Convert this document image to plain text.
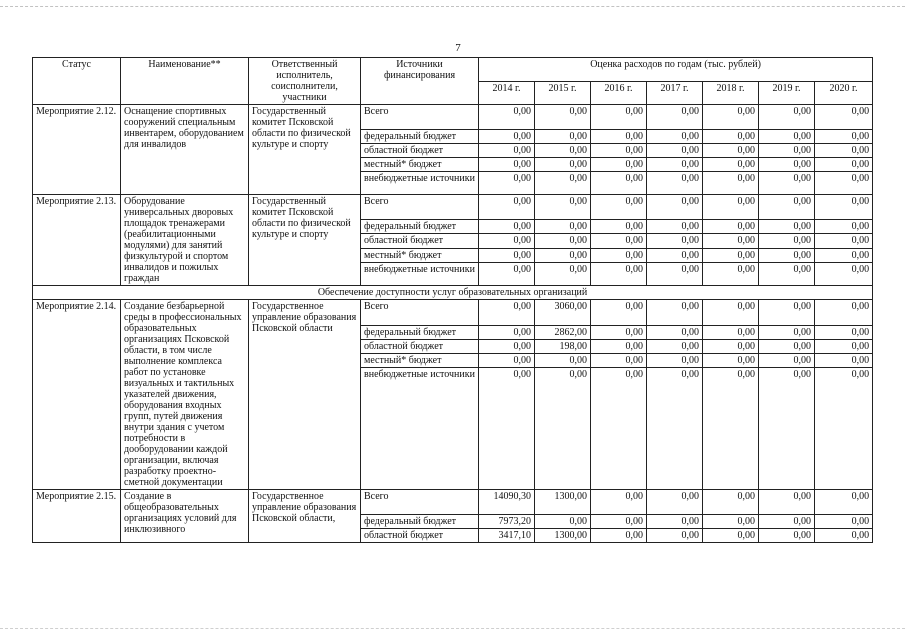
7
Статус	Наименование**	Ответственный исполнитель, соисполнители, участники	Источники финансирования	Оценка расходов по годам (тыс. рублей)						
				2014 г.	2015 г.	2016 г.	2017 г.	2018 г.	2019 г.	2020 г.
Мероприятие 2.12.	Оснащение спортивных сооружений специальным инвентарем, оборудованием для инвалидов	Государственный комитет Псковской области по физической культуре и спорту	Всего	0,00	0,00	0,00	0,00	0,00	0,00	0,00
			федеральный бюджет	0,00	0,00	0,00	0,00	0,00	0,00	0,00
			областной бюджет	0,00	0,00	0,00	0,00	0,00	0,00	0,00
			местный* бюджет	0,00	0,00	0,00	0,00	0,00	0,00	0,00
			внебюджетные источники	0,00	0,00	0,00	0,00	0,00	0,00	0,00
Мероприятие 2.13.	Оборудование универсальных дворовых площадок тренажерами (реабилитационными модулями) для занятий физкультурой и спортом инвалидов и пожилых граждан	Государственный комитет Псковской области по физической культуре и спорту	Всего	0,00	0,00	0,00	0,00	0,00	0,00	0,00
			федеральный бюджет	0,00	0,00	0,00	0,00	0,00	0,00	0,00
			областной бюджет	0,00	0,00	0,00	0,00	0,00	0,00	0,00
			местный* бюджет	0,00	0,00	0,00	0,00	0,00	0,00	0,00
			внебюджетные источники	0,00	0,00	0,00	0,00	0,00	0,00	0,00
Обеспечение доступности услуг образовательных организаций										
Мероприятие 2.14.	Создание безбарьерной среды в профессиональных образовательных организациях Псковской области, в том числе выполнение комплекса работ по установке визуальных и тактильных указателей движения, оборудования входных групп, путей движения внутри здания с учетом потребности в дооборудовании каждой организации, включая разработку проектно-сметной документации	Государственное управление образования Псковской области	Всего	0,00	3060,00	0,00	0,00	0,00	0,00	0,00
			федеральный бюджет	0,00	2862,00	0,00	0,00	0,00	0,00	0,00
			областной бюджет	0,00	198,00	0,00	0,00	0,00	0,00	0,00
			местный* бюджет	0,00	0,00	0,00	0,00	0,00	0,00	0,00
			внебюджетные источники	0,00	0,00	0,00	0,00	0,00	0,00	0,00
Мероприятие 2.15.	Создание в общеобразовательных организациях условий для инклюзивного	Государственное управление образования Псковской области,	Всего	14090,30	1300,00	0,00	0,00	0,00	0,00	0,00
			федеральный бюджет	7973,20	0,00	0,00	0,00	0,00	0,00	0,00
			областной бюджет	3417,10	1300,00	0,00	0,00	0,00	0,00	0,00
